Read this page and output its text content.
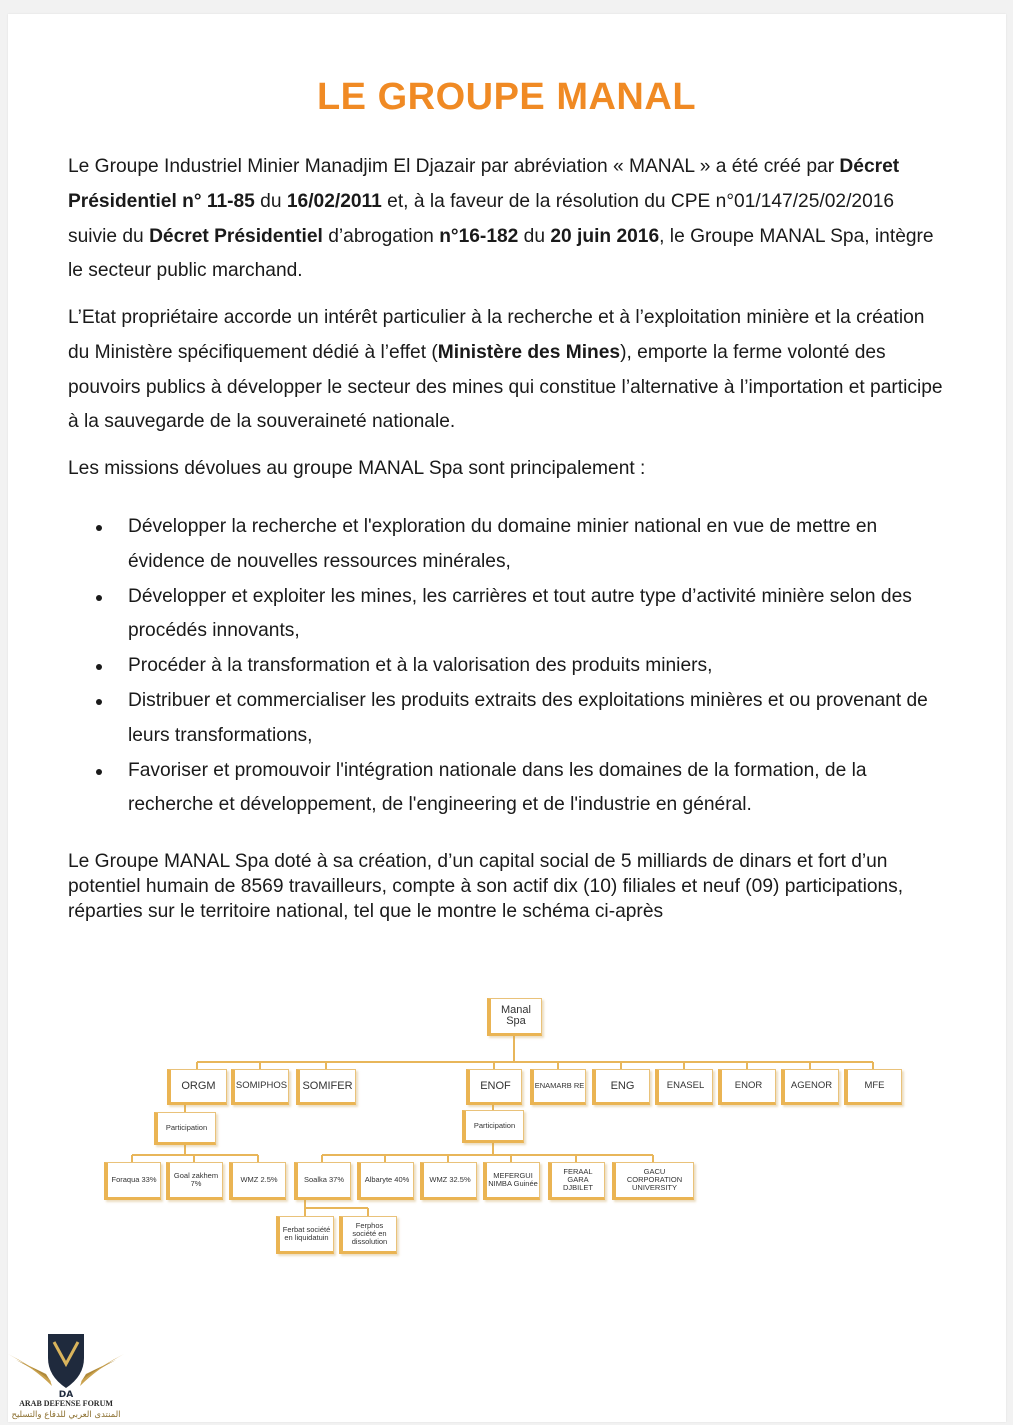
LE GROUPE MANAL

Le Groupe Industriel Minier Manadjim El Djazair par abréviation « MANAL » a été créé par Décret Présidentiel n° 11-85 du 16/02/2011 et, à la faveur de la résolution du CPE n°01/147/25/02/2016 suivie du Décret Présidentiel d’abrogation n°16-182 du 20 juin 2016, le Groupe MANAL Spa, intègre le secteur public marchand.

L’Etat propriétaire accorde un intérêt particulier à la recherche et à l’exploitation minière et la création du Ministère spécifiquement dédié à l’effet (Ministère des Mines), emporte la ferme volonté des pouvoirs publics à développer le secteur des mines qui constitue l’alternative à l’importation et participe à la sauvegarde de la souveraineté nationale.

Les missions dévolues au groupe MANAL Spa sont principalement :

Développer la recherche et l'exploration du domaine minier national en vue de mettre en évidence de nouvelles ressources minérales,
Développer et exploiter les mines, les carrières et tout autre type d’activité minière selon des procédés innovants,
Procéder à la transformation et à la valorisation des produits miniers,
Distribuer et commercialiser les produits extraits des exploitations minières et ou provenant de leurs transformations,
Favoriser et promouvoir l'intégration nationale dans les domaines de la formation, de la recherche et développement, de l'engineering et de l'industrie en général.

Le Groupe MANAL Spa doté à sa création, d’un capital social de 5 milliards de dinars et fort d’un potentiel humain de 8569 travailleurs, compte à son actif dix (10) filiales et neuf (09) participations, réparties sur le territoire national, tel que le montre le schéma ci-après

Manal Spa
ORGM SOMIPHOS SOMIFER	ENOF	ENAMARB RE ENG	ENASEL	ENOR	AGENOR	MFE
Participation	Participation
Foraqua 33%	Goal zakhem 7%	WMZ 2.5%	Soalka 37%	Albaryte 40%	WMZ 32.5%	MEFERGUI NIMBA Guinée
FERAAL GARA DJBILET
GACU CORPORATION UNIVERSITY
Ferbat société en liquidatuin
Ferphos société en dissolution
DA
ARAB DEFENSE FORUM
المنتدى العربي للدفاع والتسليح
